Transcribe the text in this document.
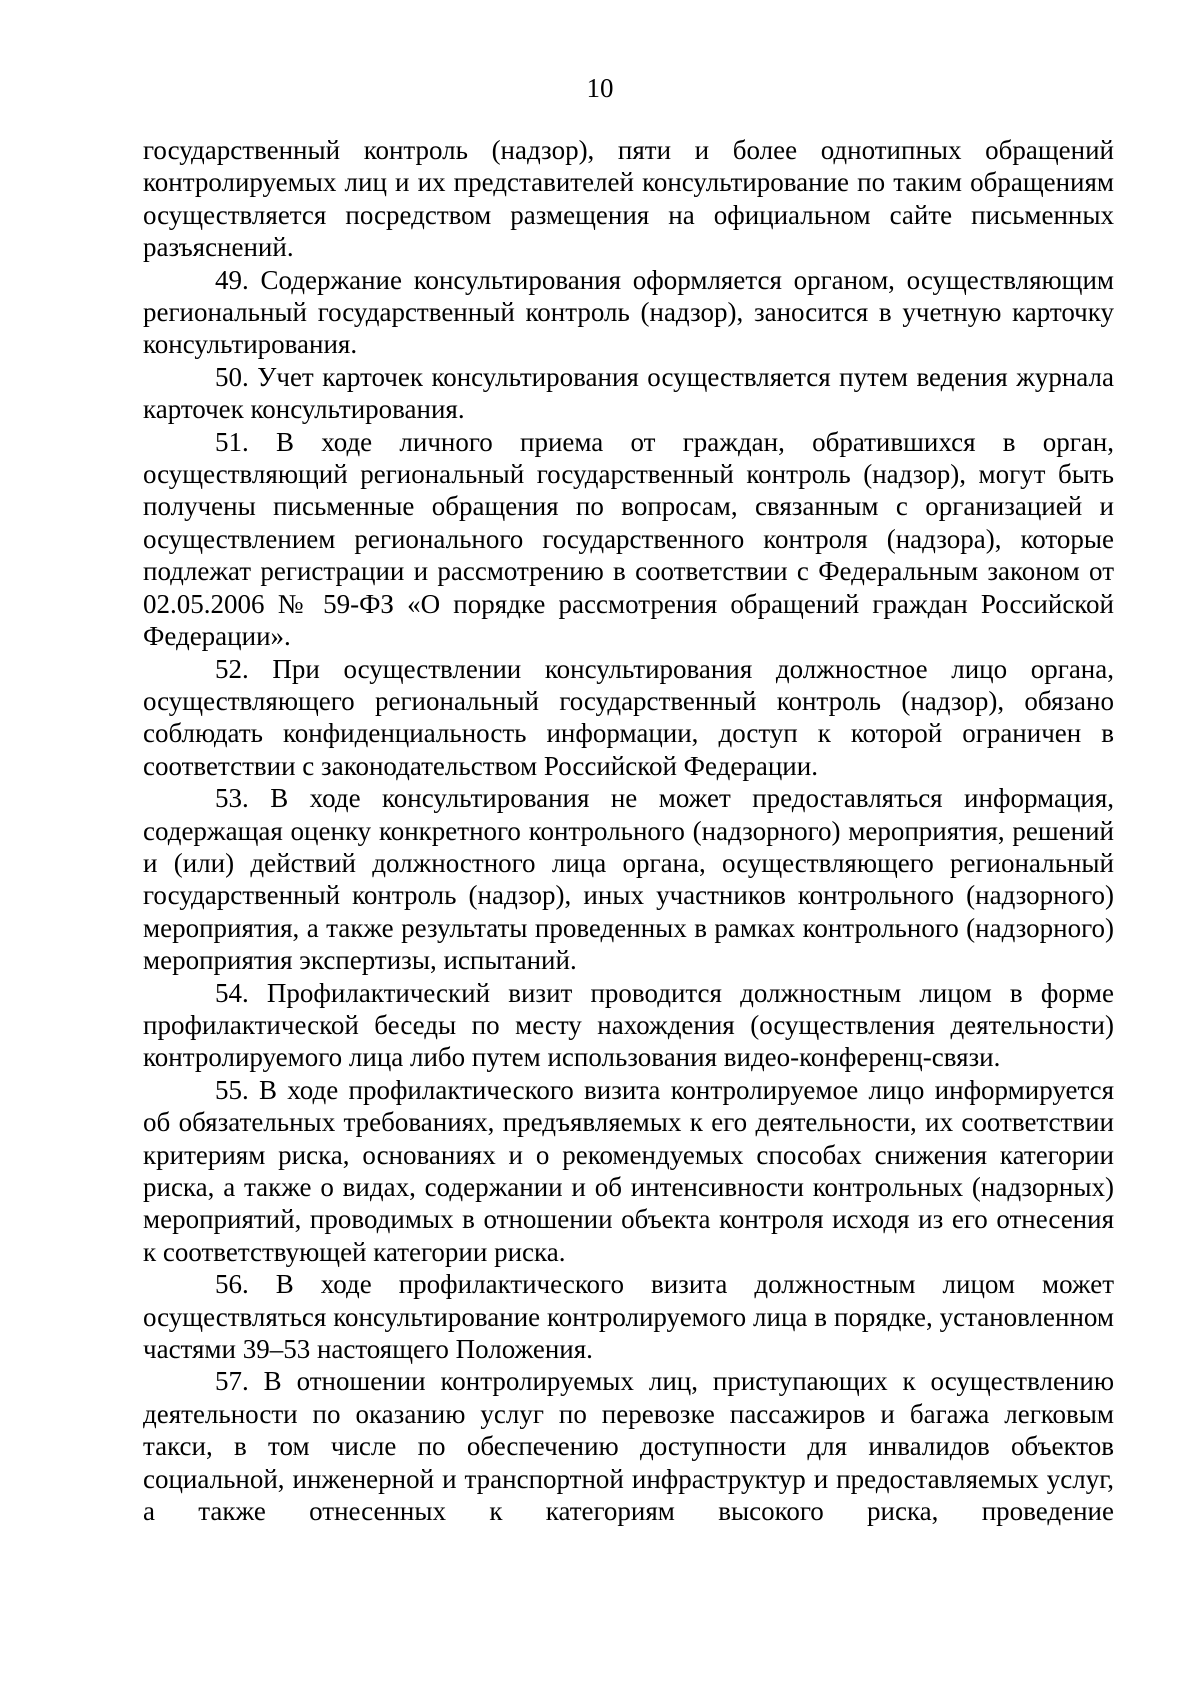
10

государственный контроль (надзор), пяти и более однотипных обращений контролируемых лиц и их представителей консультирование по таким обращениям осуществляется посредством размещения на официальном сайте письменных разъяснений.

49. Содержание консультирования оформляется органом, осуществляющим региональный государственный контроль (надзор), заносится в учетную карточку консультирования.

50. Учет карточек консультирования осуществляется путем ведения журнала карточек консультирования.

51. В ходе личного приема от граждан, обратившихся в орган, осуществляющий региональный государственный контроль (надзор), могут быть получены письменные обращения по вопросам, связанным с организацией и осуществлением регионального государственного контроля (надзора), которые подлежат регистрации и рассмотрению в соответствии с Федеральным законом от 02.05.2006 № 59-ФЗ «О порядке рассмотрения обращений граждан Российской Федерации».

52. При осуществлении консультирования должностное лицо органа, осуществляющего региональный государственный контроль (надзор), обязано соблюдать конфиденциальность информации, доступ к которой ограничен в соответствии с законодательством Российской Федерации.

53. В ходе консультирования не может предоставляться информация, содержащая оценку конкретного контрольного (надзорного) мероприятия, решений и (или) действий должностного лица органа, осуществляющего региональный государственный контроль (надзор), иных участников контрольного (надзорного) мероприятия, а также результаты проведенных в рамках контрольного (надзорного) мероприятия экспертизы, испытаний.

54. Профилактический визит проводится должностным лицом в форме профилактической беседы по месту нахождения (осуществления деятельности) контролируемого лица либо путем использования видео-конференц-связи.

55. В ходе профилактического визита контролируемое лицо информируется об обязательных требованиях, предъявляемых к его деятельности, их соответствии критериям риска, основаниях и о рекомендуемых способах снижения категории риска, а также о видах, содержании и об интенсивности контрольных (надзорных) мероприятий, проводимых в отношении объекта контроля исходя из его отнесения к соответствующей категории риска.

56. В ходе профилактического визита должностным лицом может осуществляться консультирование контролируемого лица в порядке, установленном частями 39–53 настоящего Положения.

57. В отношении контролируемых лиц, приступающих к осуществлению деятельности по оказанию услуг по перевозке пассажиров и багажа легковым такси, в том числе по обеспечению доступности для инвалидов объектов социальной, инженерной и транспортной инфраструктур и предоставляемых услуг, а также отнесенных к категориям высокого риска, проведение
